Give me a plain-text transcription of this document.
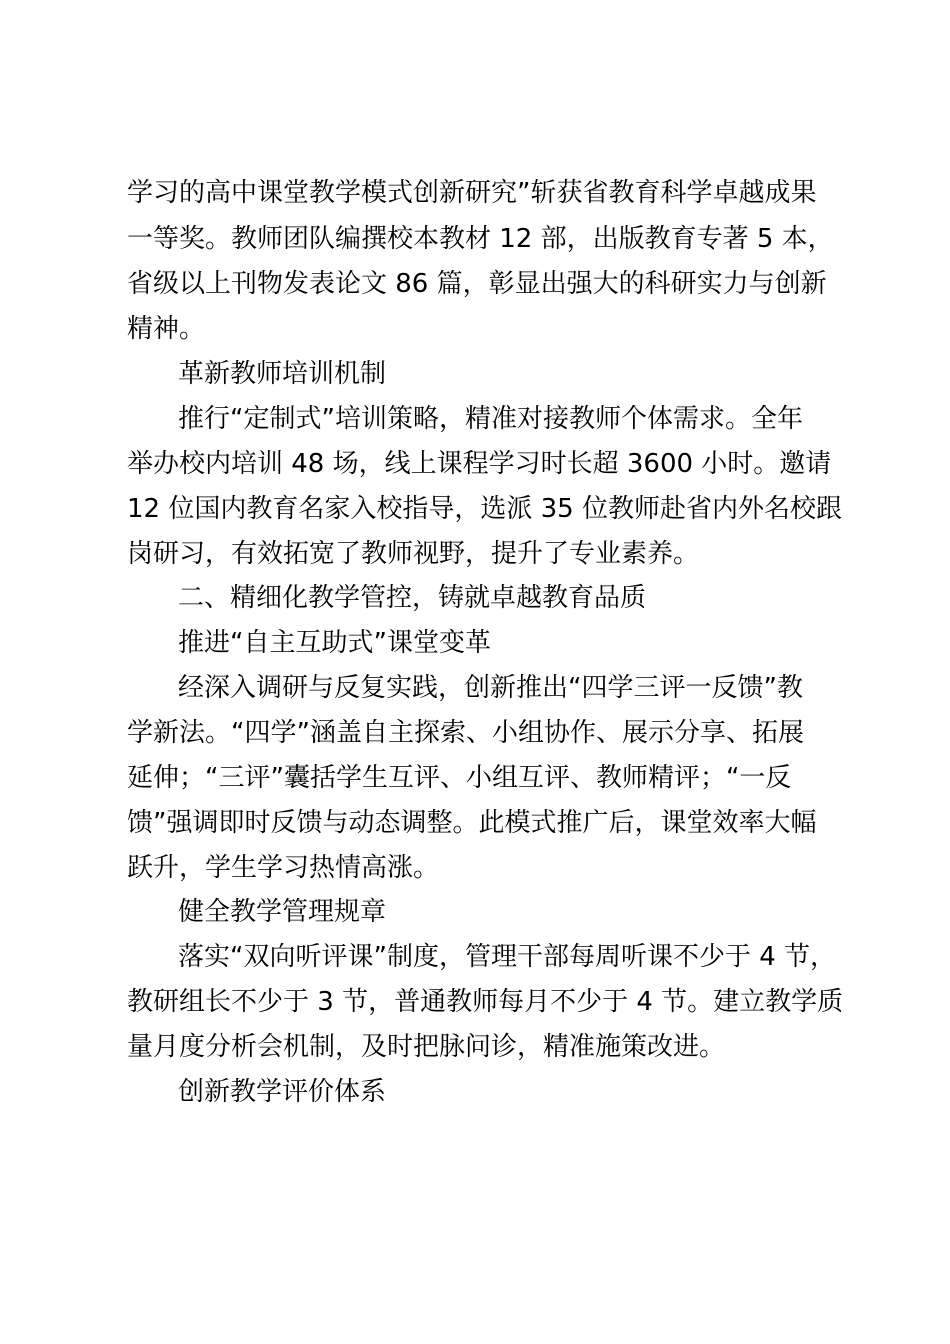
学习的高中课堂教学模式创新研究”斩获省教育科学卓越成果
一等奖。教师团队编撰校本教材 12 部，出版教育专著 5 本，
省级以上刊物发表论文 86 篇，彰显出强大的科研实力与创新
精神。
革新教师培训机制
推行“定制式”培训策略，精准对接教师个体需求。全年
举办校内培训 48 场，线上课程学习时长超 3600 小时。邀请
12 位国内教育名家入校指导，选派 35 位教师赴省内外名校跟
岗研习，有效拓宽了教师视野，提升了专业素养。
二、精细化教学管控，铸就卓越教育品质
推进“自主互助式”课堂变革
经深入调研与反复实践，创新推出“四学三评一反馈”教
学新法。“四学”涵盖自主探索、小组协作、展示分享、拓展
延伸；“三评”囊括学生互评、小组互评、教师精评；“一反
馈”强调即时反馈与动态调整。此模式推广后，课堂效率大幅
跃升，学生学习热情高涨。
健全教学管理规章
落实“双向听评课”制度，管理干部每周听课不少于 4 节，
教研组长不少于 3 节，普通教师每月不少于 4 节。建立教学质
量月度分析会机制，及时把脉问诊，精准施策改进。
创新教学评价体系
